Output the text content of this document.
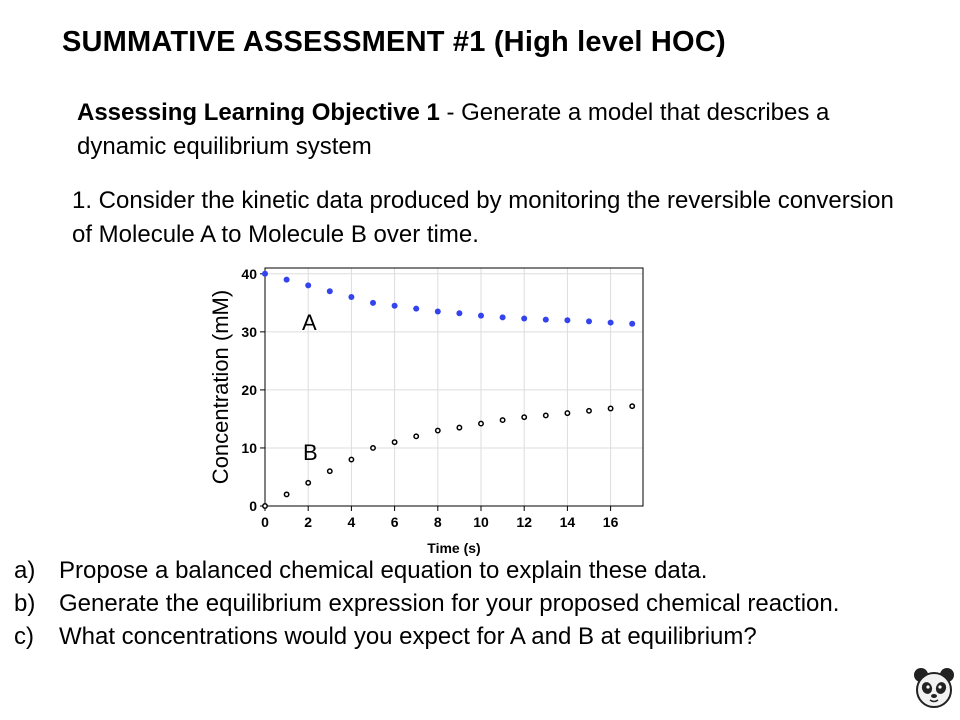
SUMMATIVE ASSESSMENT #1 (High level HOC)
Assessing Learning Objective 1 - Generate a model that describes a dynamic equilibrium system
1. Consider the kinetic data produced by monitoring the reversible conversion of Molecule A to Molecule B over time.
0	2	4	6	8 10 12 14 16
0
10
20
30
40
Time (s)
Concentration (mM)	A
B
a) Propose a balanced chemical equation to explain these data.
b) Generate the equilibrium expression for your proposed chemical reaction.
c) What concentrations would you expect for A and B at equilibrium?
